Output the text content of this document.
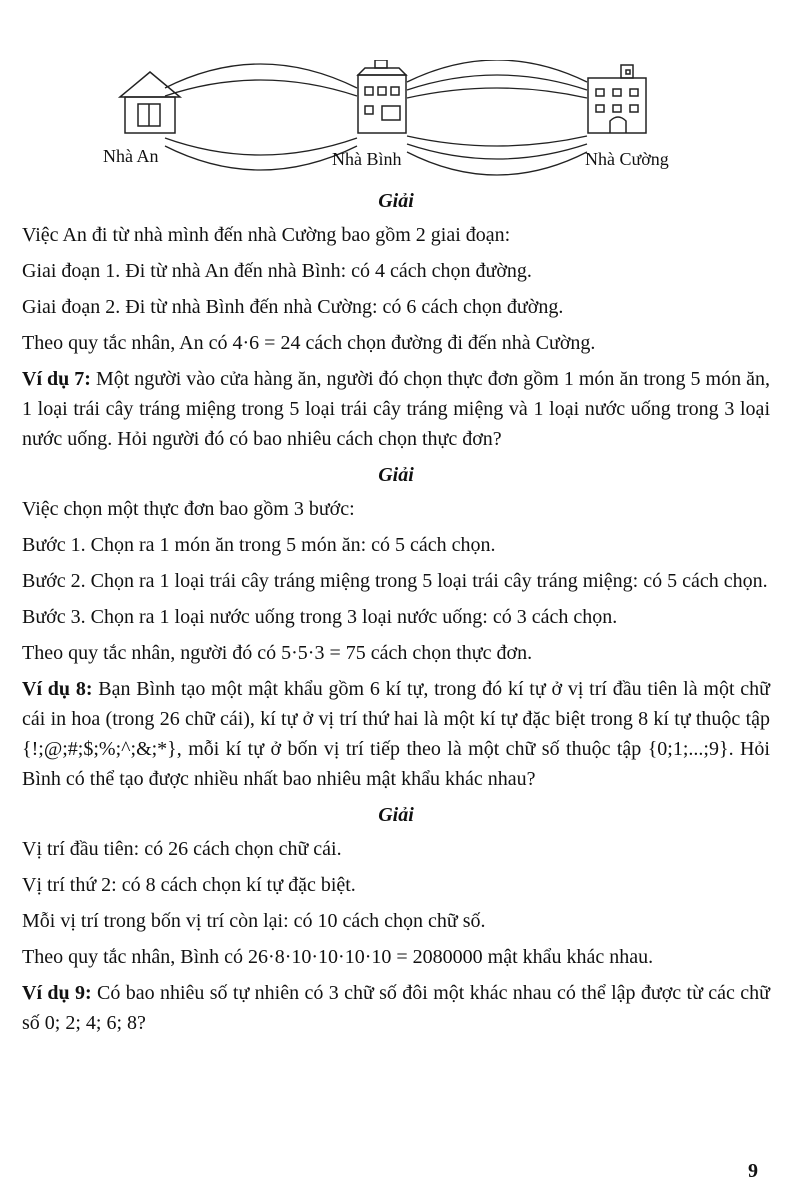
Nhà An	Nhà Bình	Nhà Cường
Giải

Việc An đi từ nhà mình đến nhà Cường bao gồm 2 giai đoạn:

Giai đoạn 1. Đi từ nhà An đến nhà Bình: có 4 cách chọn đường.

Giai đoạn 2. Đi từ nhà Bình đến nhà Cường: có 6 cách chọn đường.

Theo quy tắc nhân, An có 4·6 = 24 cách chọn đường đi đến nhà Cường.

Ví dụ 7: Một người vào cửa hàng ăn, người đó chọn thực đơn gồm 1 món ăn trong 5 món ăn, 1 loại trái cây tráng miệng trong 5 loại trái cây tráng miệng và 1 loại nước uống trong 3 loại nước uống. Hỏi người đó có bao nhiêu cách chọn thực đơn?

Giải

Việc chọn một thực đơn bao gồm 3 bước:

Bước 1. Chọn ra 1 món ăn trong 5 món ăn: có 5 cách chọn.

Bước 2. Chọn ra 1 loại trái cây tráng miệng trong 5 loại trái cây tráng miệng: có 5 cách chọn.

Bước 3. Chọn ra 1 loại nước uống trong 3 loại nước uống: có 3 cách chọn.

Theo quy tắc nhân, người đó có 5·5·3 = 75 cách chọn thực đơn.

Ví dụ 8: Bạn Bình tạo một mật khẩu gồm 6 kí tự, trong đó kí tự ở vị trí đầu tiên là một chữ cái in hoa (trong 26 chữ cái), kí tự ở vị trí thứ hai là một kí tự đặc biệt trong 8 kí tự thuộc tập {!;@;#;$;%;^;&;*}, mỗi kí tự ở bốn vị trí tiếp theo là một chữ số thuộc tập {0;1;...;9}. Hỏi Bình có thể tạo được nhiều nhất bao nhiêu mật khẩu khác nhau?

Giải

Vị trí đầu tiên: có 26 cách chọn chữ cái.

Vị trí thứ 2: có 8 cách chọn kí tự đặc biệt.

Mỗi vị trí trong bốn vị trí còn lại: có 10 cách chọn chữ số.

Theo quy tắc nhân, Bình có 26·8·10·10·10·10 = 2080000 mật khẩu khác nhau.

Ví dụ 9: Có bao nhiêu số tự nhiên có 3 chữ số đôi một khác nhau có thể lập được từ các chữ số 0; 2; 4; 6; 8?

9
